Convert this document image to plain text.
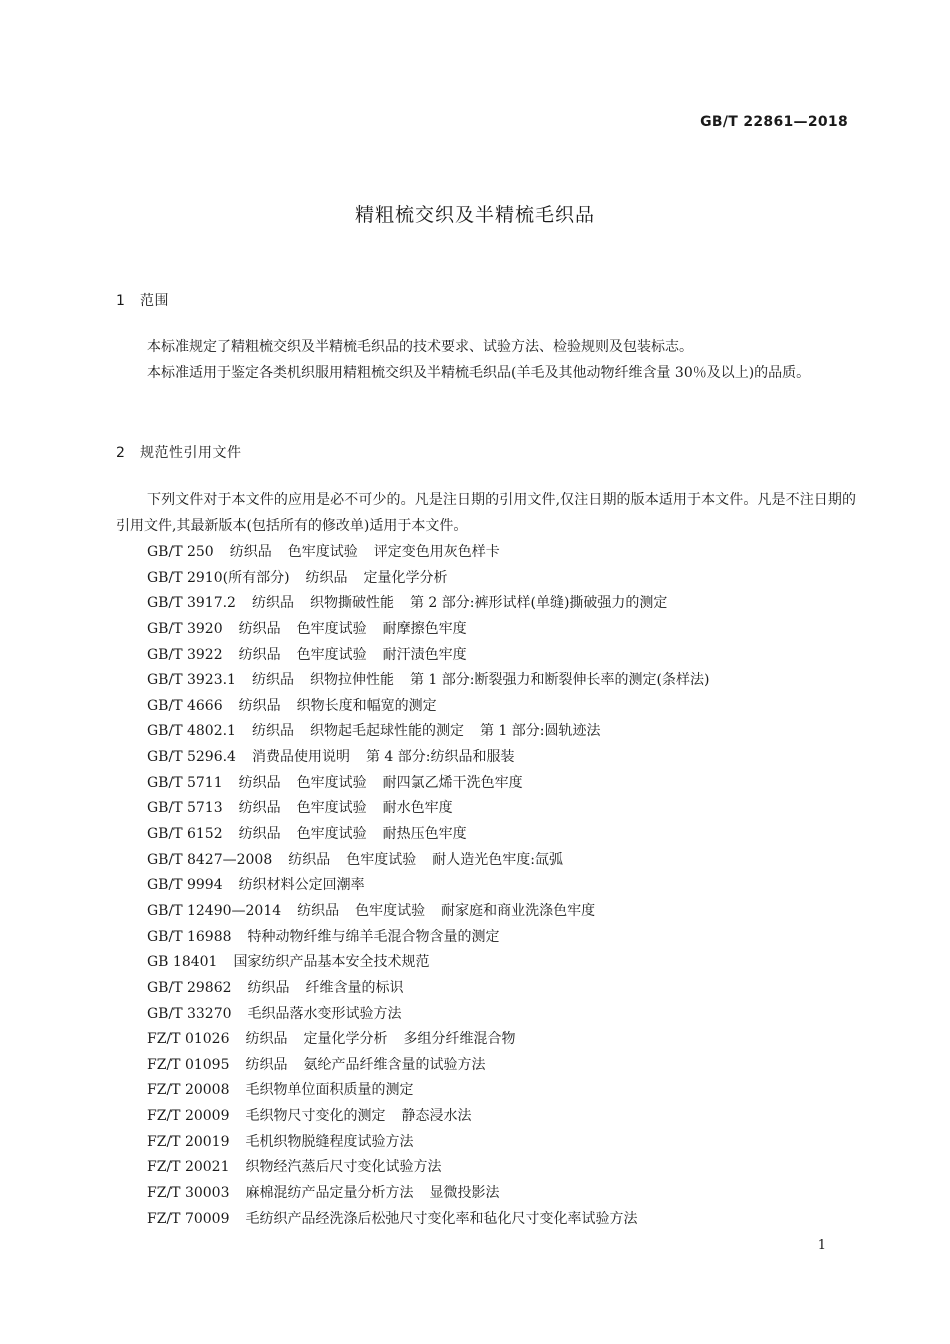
GB/T 22861—2018
精粗梳交织及半精梳毛织品
1 范围

本标准规定了精粗梳交织及半精梳毛织品的技术要求、试验方法、检验规则及包装标志。

本标准适用于鉴定各类机织服用精粗梳交织及半精梳毛织品(羊毛及其他动物纤维含量 30％及以上)的品质。

2 规范性引用文件

下列文件对于本文件的应用是必不可少的。凡是注日期的引用文件,仅注日期的版本适用于本文件。凡是不注日期的引用文件,其最新版本(包括所有的修改单)适用于本文件。

GB/T 250 纺织品 色牢度试验 评定变色用灰色样卡
GB/T 2910(所有部分) 纺织品 定量化学分析
GB/T 3917.2 纺织品 织物撕破性能 第 2 部分:裤形试样(单缝)撕破强力的测定
GB/T 3920 纺织品 色牢度试验 耐摩擦色牢度
GB/T 3922 纺织品 色牢度试验 耐汗渍色牢度
GB/T 3923.1 纺织品 织物拉伸性能 第 1 部分:断裂强力和断裂伸长率的测定(条样法)
GB/T 4666 纺织品 织物长度和幅宽的测定
GB/T 4802.1 纺织品 织物起毛起球性能的测定 第 1 部分:圆轨迹法
GB/T 5296.4 消费品使用说明 第 4 部分:纺织品和服装
GB/T 5711 纺织品 色牢度试验 耐四氯乙烯干洗色牢度
GB/T 5713 纺织品 色牢度试验 耐水色牢度
GB/T 6152 纺织品 色牢度试验 耐热压色牢度
GB/T 8427—2008 纺织品 色牢度试验 耐人造光色牢度:氙弧
GB/T 9994 纺织材料公定回潮率
GB/T 12490—2014 纺织品 色牢度试验 耐家庭和商业洗涤色牢度
GB/T 16988 特种动物纤维与绵羊毛混合物含量的测定
GB 18401 国家纺织产品基本安全技术规范
GB/T 29862 纺织品 纤维含量的标识
GB/T 33270 毛织品落水变形试验方法
FZ/T 01026 纺织品 定量化学分析 多组分纤维混合物
FZ/T 01095 纺织品 氨纶产品纤维含量的试验方法
FZ/T 20008 毛织物单位面积质量的测定
FZ/T 20009 毛织物尺寸变化的测定 静态浸水法
FZ/T 20019 毛机织物脱缝程度试验方法
FZ/T 20021 织物经汽蒸后尺寸变化试验方法
FZ/T 30003 麻棉混纺产品定量分析方法 显微投影法
FZ/T 70009 毛纺织产品经洗涤后松弛尺寸变化率和毡化尺寸变化率试验方法
1
